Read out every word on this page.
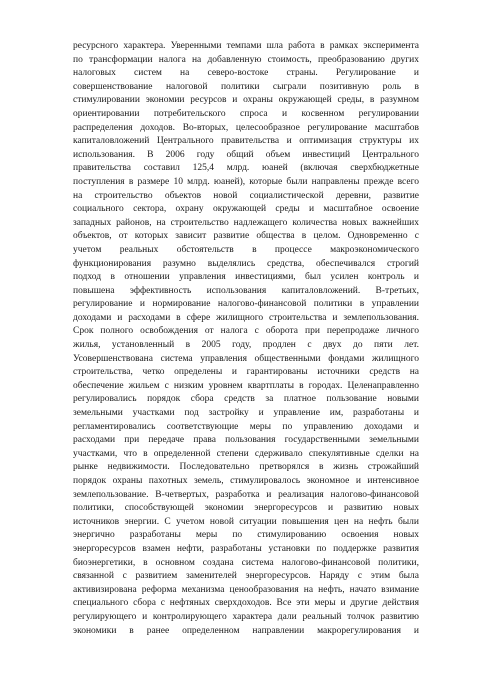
ресурсного характера. Уверенными темпами шла работа в рамках эксперимента
по трансформации налога на добавленную стоимость, преобразованию других
налоговых систем на северо-востоке страны. Регулирование и
совершенствование налоговой политики сыграли позитивную роль в
стимулировании экономии ресурсов и охраны окружающей среды, в разумном
ориентировании потребительского спроса и косвенном регулировании
распределения доходов. Во-вторых, целесообразное регулирование масштабов
капиталовложений Центрального правительства и оптимизация структуры их
использования. В 2006 году общий объем инвестиций Центрального
правительства составил 125,4 млрд. юаней (включая сверхбюджетные
поступления в размере 10 млрд. юаней), которые были направлены прежде всего
на строительство объектов новой социалистической деревни, развитие
социального сектора, охрану окружающей среды и масштабное освоение
западных районов, на строительство надлежащего количества новых важнейших
объектов, от которых зависит развитие общества в целом. Одновременно с
учетом реальных обстоятельств в процессе макроэкономического
функционирования разумно выделялись средства, обеспечивался строгий
подход в отношении управления инвестициями, был усилен контроль и
повышена эффективность использования капиталовложений. В-третьих,
регулирование и нормирование налогово-финансовой политики в управлении
доходами и расходами в сфере жилищного строительства и землепользования.
Срок полного освобождения от налога с оборота при перепродаже личного
жилья, установленный в 2005 году, продлен с двух до пяти лет.
Усовершенствована система управления общественными фондами жилищного
строительства, четко определены и гарантированы источники средств на
обеспечение жильем с низким уровнем квартплаты в городах. Целенаправленно
регулировались порядок сбора средств за платное пользование новыми
земельными участками под застройку и управление им, разработаны и
регламентировались соответствующие меры по управлению доходами и
расходами при передаче права пользования государственными земельными
участками, что в определенной степени сдерживало спекулятивные сделки на
рынке недвижимости. Последовательно претворялся в жизнь строжайший
порядок охраны пахотных земель, стимулировалось экономное и интенсивное
землепользование. В-четвертых, разработка и реализация налогово-финансовой
политики, способствующей экономии энергоресурсов и развитию новых
источников энергии. С учетом новой ситуации повышения цен на нефть были
энергично разработаны меры по стимулированию освоения новых
энергоресурсов взамен нефти, разработаны установки по поддержке развития
биоэнергетики, в основном создана система налогово-финансовой политики,
связанной с развитием заменителей энергоресурсов. Наряду с этим была
активизирована реформа механизма ценообразования на нефть, начато взимание
специального сбора с нефтяных сверхдоходов. Все эти меры и другие действия
регулирующего и контролирующего характера дали реальный толчок развитию
экономики в ранее определенном направлении макрорегулирования и
